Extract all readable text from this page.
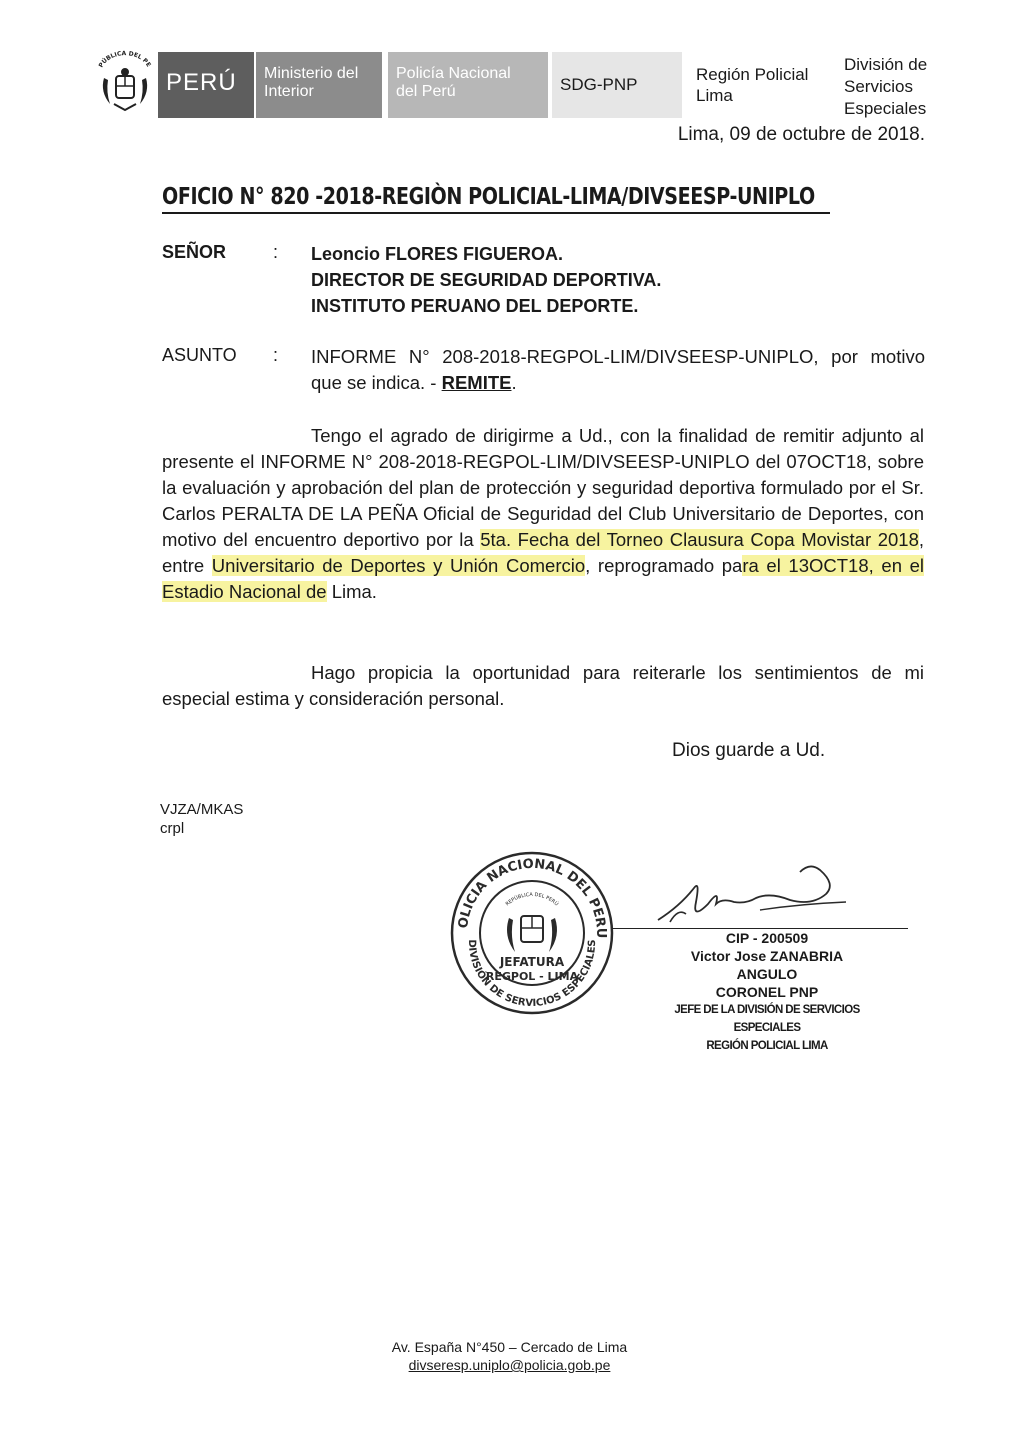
PÚBLICA DEL PE
PERÚ	Ministerio del
Interior
Policía Nacional
del Perú	SDG-PNP
Región Policial
Lima
División de
Servicios
Especiales
Lima, 09 de octubre de 2018.
OFICIO N° 820 -2018-REGIÒN POLICIAL-LIMA/DIVSEESP-UNIPLO
SEÑOR	: Leoncio FLORES FIGUEROA.
DIRECTOR DE SEGURIDAD DEPORTIVA.
INSTITUTO PERUANO DEL DEPORTE.
ASUNTO : INFORME N° 208-2018-REGPOL-LIM/DIVSEESP-UNIPLO, por motivo que se indica. - REMITE.
Tengo el agrado de dirigirme a Ud., con la finalidad de remitir adjunto al presente el INFORME N° 208-2018-REGPOL-LIM/DIVSEESP-UNIPLO del 07OCT18, sobre la evaluación y aprobación del plan de protección y seguridad deportiva formulado por el Sr. Carlos PERALTA DE LA PEÑA Oficial de Seguridad del Club Universitario de Deportes, con motivo del encuentro deportivo por la 5ta. Fecha del Torneo Clausura Copa Movistar 2018, entre Universitario de Deportes y Unión Comercio, reprogramado para el 13OCT18, en el Estadio Nacional de Lima.
Hago propicia la oportunidad para reiterarle los sentimientos de mi especial estima y consideración personal.
Dios guarde a Ud.
VJZA/MKAS
crpl
OLICIA NACIONAL DEL PERU
DIVISIÓN DE SERVICIOS ESPECIALES
REPÚBLICA DEL PERÚ
JEFATURA
REGPOL - LIMA
CIP - 200509
Victor Jose ZANABRIA ANGULO
CORONEL PNP
JEFE DE LA DIVISIÓN DE SERVICIOS ESPECIALES
REGIÓN POLICIAL LIMA
Av. España N°450 – Cercado de Lima
divseresp.uniplo@policia.gob.pe
